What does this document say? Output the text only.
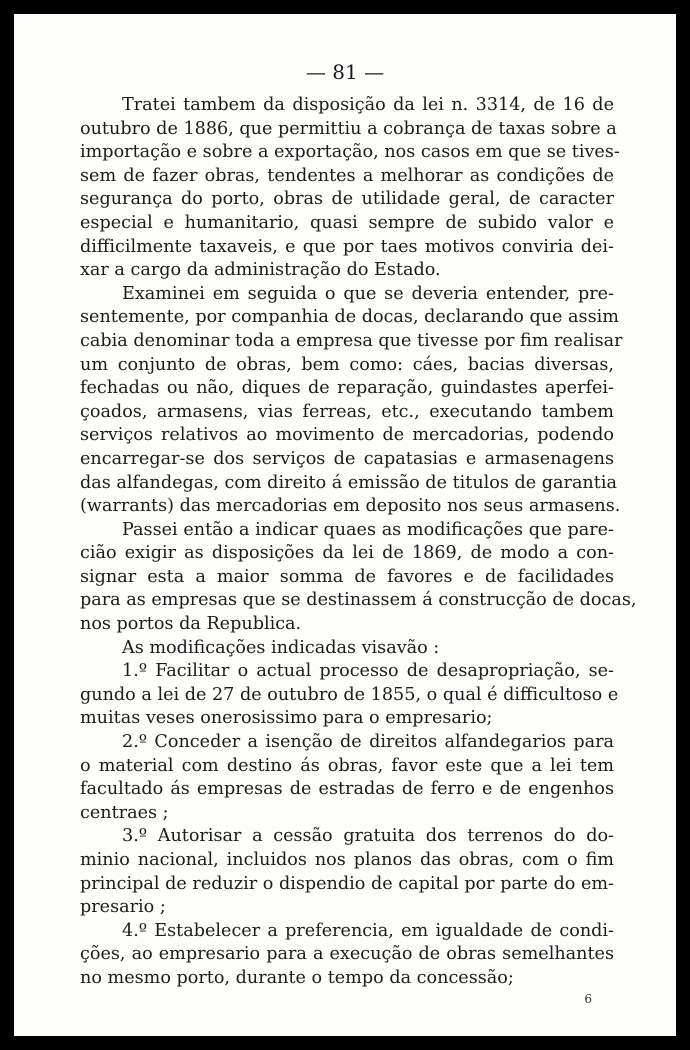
— 81 —

Tratei tambem da disposição da lei n. 3314, de 16 de
outubro de 1886, que permittiu a cobrança de taxas sobre a
importação e sobre a exportação, nos casos em que se tives-
sem de fazer obras, tendentes a melhorar as condições de
segurança do porto, obras de utilidade geral, de caracter
especial e humanitario, quasi sempre de subido valor e
difficilmente taxaveis, e que por taes motivos conviria dei-
xar a cargo da administração do Estado.

Examinei em seguida o que se deveria entender, pre-
sentemente, por companhia de docas, declarando que assim
cabia denominar toda a empresa que tivesse por fim realisar
um conjunto de obras, bem como: cáes, bacias diversas,
fechadas ou não, diques de reparação, guindastes aperfei-
çoados, armasens, vias ferreas, etc., executando tambem
serviços relativos ao movimento de mercadorias, podendo
encarregar-se dos serviços de capatasias e armasenagens
das alfandegas, com direito á emissão de titulos de garantia
(warrants) das mercadorias em deposito nos seus armasens.

Passei então a indicar quaes as modificações que pare-
cião exigir as disposições da lei de 1869, de modo a con-
signar esta a maior somma de favores e de facilidades
para as empresas que se destinassem á construcção de docas,
nos portos da Republica.

As modificações indicadas visavão :

1.º Facilitar o actual processo de desapropriação, se-
gundo a lei de 27 de outubro de 1855, o qual é difficultoso e
muitas veses onerosissimo para o empresario;

2.º Conceder a isenção de direitos alfandegarios para
o material com destino ás obras, favor este que a lei tem
facultado ás empresas de estradas de ferro e de engenhos
centraes ;

3.º Autorisar a cessão gratuita dos terrenos do do-
minio nacional, incluidos nos planos das obras, com o fim
principal de reduzir o dispendio de capital por parte do em-
presario ;

4.º Estabelecer a preferencia, em igualdade de condi-
ções, ao empresario para a execução de obras semelhantes
no mesmo porto, durante o tempo da concessão;

6
